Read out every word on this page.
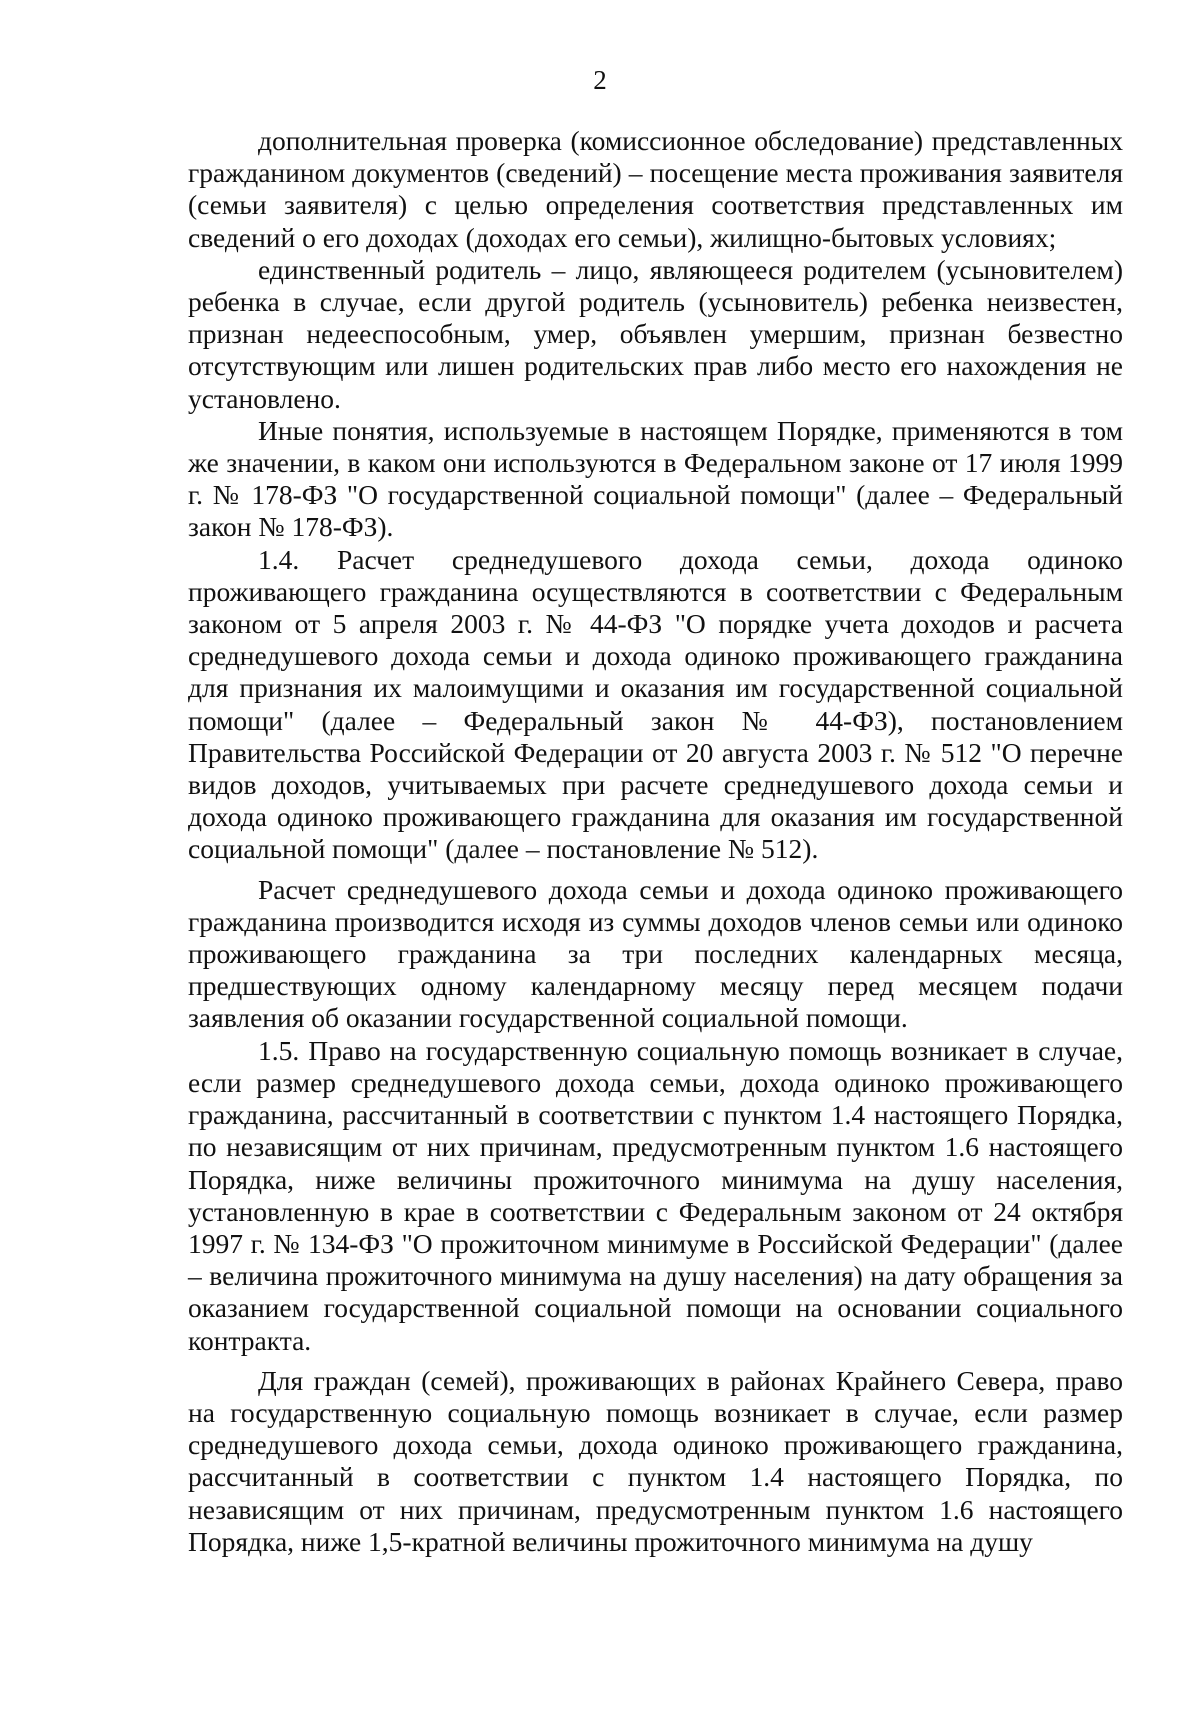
2

дополнительная проверка (комиссионное обследование) представленных гражданином документов (сведений) – посещение места проживания заявителя (семьи заявителя) с целью определения соответствия представленных им сведений о его доходах (доходах его семьи), жилищно-бытовых условиях;

единственный родитель – лицо, являющееся родителем (усыновителем) ребенка в случае, если другой родитель (усыновитель) ребенка неизвестен, признан недееспособным, умер, объявлен умершим, признан безвестно отсутствующим или лишен родительских прав либо место его нахождения не установлено.

Иные понятия, используемые в настоящем Порядке, применяются в том же значении, в каком они используются в Федеральном законе от 17 июля 1999 г. № 178-ФЗ "О государственной социальной помощи" (далее – Федеральный закон № 178-ФЗ).

1.4. Расчет среднедушевого дохода семьи, дохода одиноко проживающего гражданина осуществляются в соответствии с Федеральным законом от 5 апреля 2003 г. № 44-ФЗ "О порядке учета доходов и расчета среднедушевого дохода семьи и дохода одиноко проживающего гражданина для признания их малоимущими и оказания им государственной социальной помощи" (далее – Федеральный закон № 44-ФЗ), постановлением Правительства Российской Федерации от 20 августа 2003 г. № 512 "О перечне видов доходов, учитываемых при расчете среднедушевого дохода семьи и дохода одиноко проживающего гражданина для оказания им государственной социальной помощи" (далее – постановление № 512).

Расчет среднедушевого дохода семьи и дохода одиноко проживающего гражданина производится исходя из суммы доходов членов семьи или одиноко проживающего гражданина за три последних календарных месяца, предшествующих одному календарному месяцу перед месяцем подачи заявления об оказании государственной социальной помощи.

1.5. Право на государственную социальную помощь возникает в случае, если размер среднедушевого дохода семьи, дохода одиноко проживающего гражданина, рассчитанный в соответствии с пунктом 1.4 настоящего Порядка, по независящим от них причинам, предусмотренным пунктом 1.6 настоящего Порядка, ниже величины прожиточного минимума на душу населения, установленную в крае в соответствии с Федеральным законом от 24 октября 1997 г. № 134-ФЗ "О прожиточном минимуме в Российской Федерации" (далее – величина прожиточного минимума на душу населения) на дату обращения за оказанием государственной социальной помощи на основании социального контракта.

Для граждан (семей), проживающих в районах Крайнего Севера, право на государственную социальную помощь возникает в случае, если размер среднедушевого дохода семьи, дохода одиноко проживающего гражданина, рассчитанный в соответствии с пунктом 1.4 настоящего Порядка, по независящим от них причинам, предусмотренным пунктом 1.6 настоящего Порядка, ниже 1,5-кратной величины прожиточного минимума на душу
